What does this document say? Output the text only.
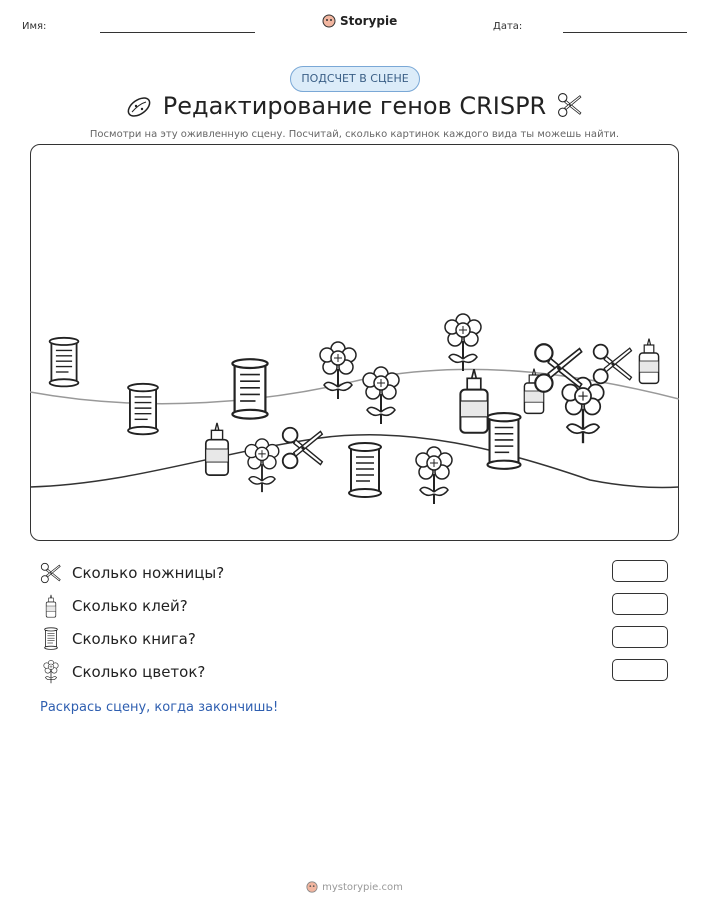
Имя:	Storypie	Дата:
ПОДСЧЕТ В СЦЕНЕ
Редактирование генов CRISPR
Посмотри на эту оживленную сцену. Посчитай, сколько картинок каждого вида ты можешь найти.
Сколько ножницы?
Сколько клей?
Сколько книга?
Сколько цветок?
Раскрась сцену, когда закончишь!
mystorypie.com
